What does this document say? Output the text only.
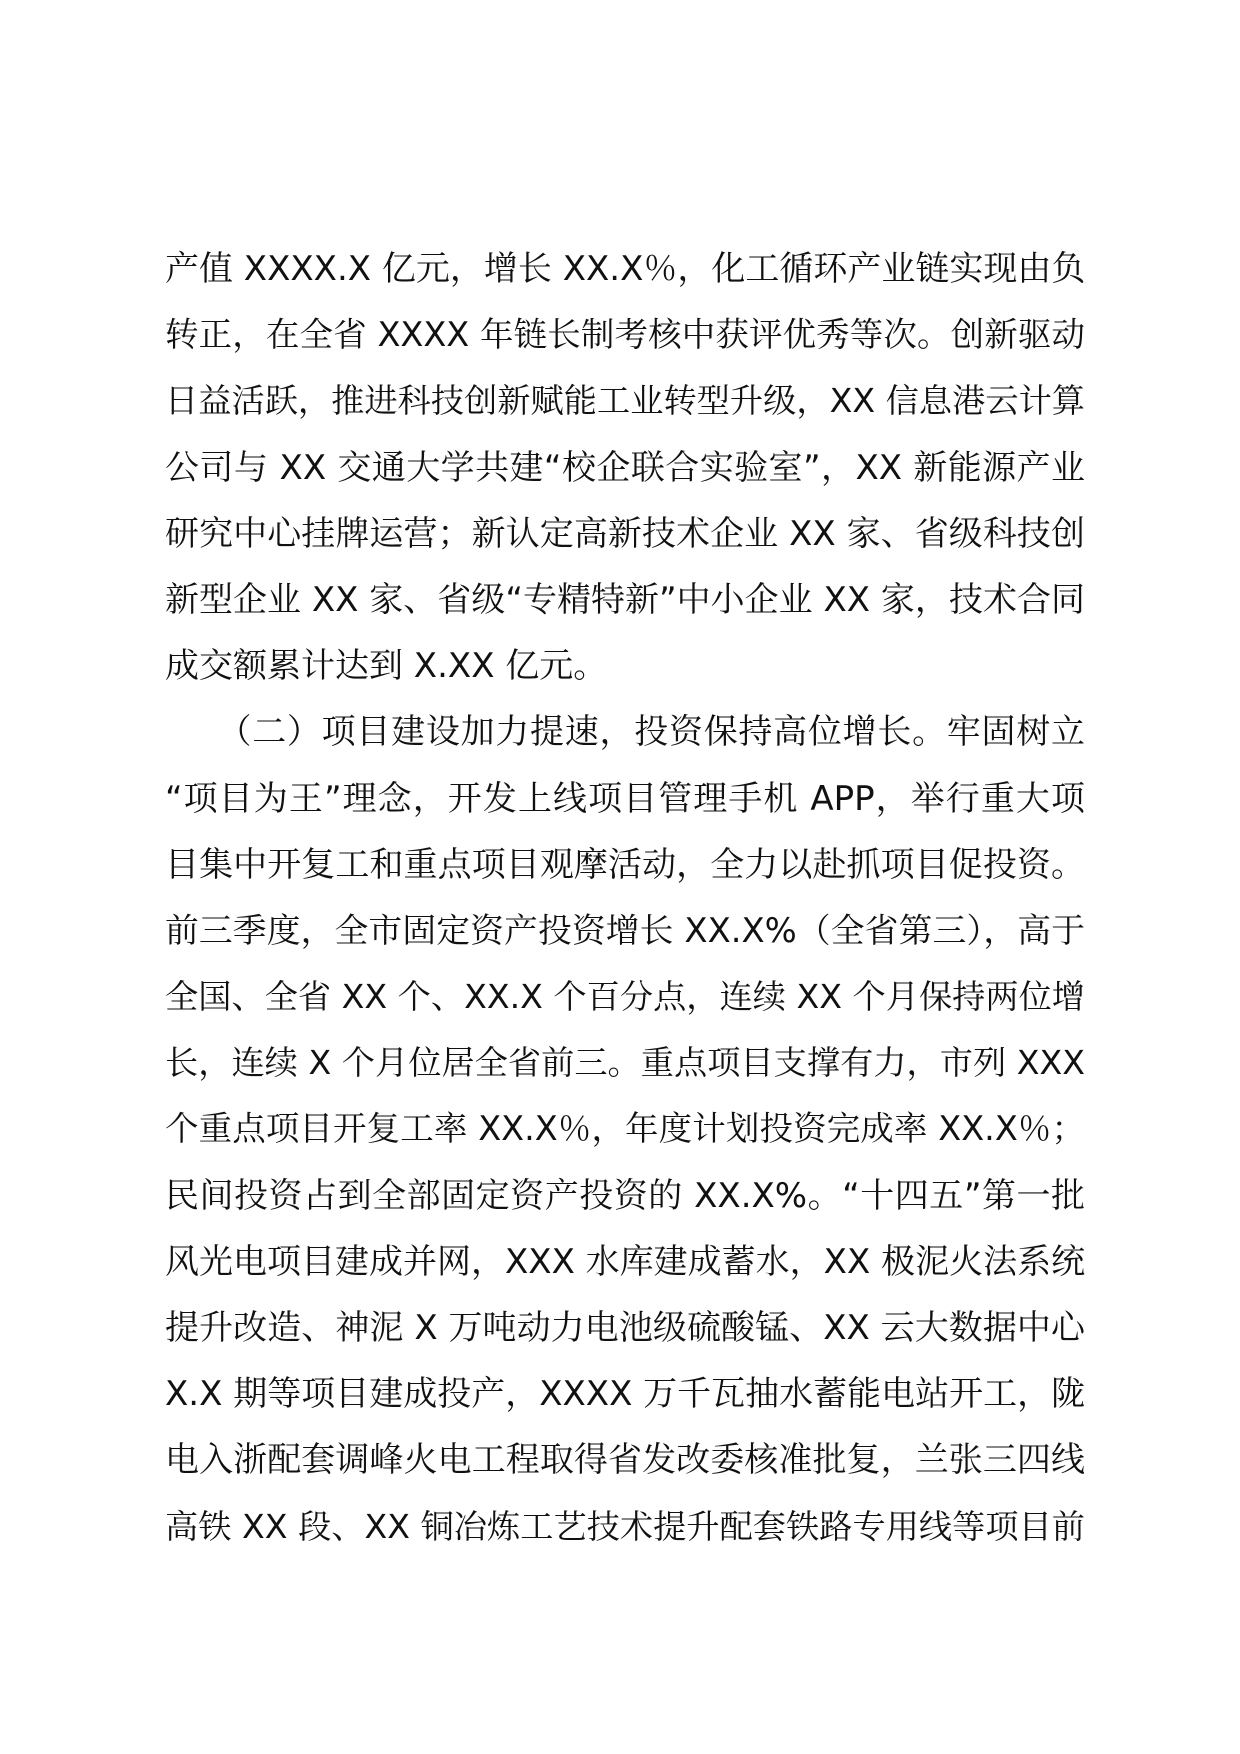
产值 XXXX.X 亿元，增长 XX.X％，化工循环产业链实现由负
转正，在全省 XXXX 年链长制考核中获评优秀等次。创新驱动
日益活跃，推进科技创新赋能工业转型升级，XX 信息港云计算
公司与 XX 交通大学共建“校企联合实验室”，XX 新能源产业
研究中心挂牌运营；新认定高新技术企业 XX 家、省级科技创
新型企业 XX 家、省级“专精特新”中小企业 XX 家，技术合同
成交额累计达到 X.XX 亿元。
　　（二）项目建设加力提速，投资保持高位增长。牢固树立
“项目为王”理念，开发上线项目管理手机 APP，举行重大项
目集中开复工和重点项目观摩活动，全力以赴抓项目促投资。
前三季度，全市固定资产投资增长 XX.X%（全省第三），高于
全国、全省 XX 个、XX.X 个百分点，连续 XX 个月保持两位增
长，连续 X 个月位居全省前三。重点项目支撑有力，市列 XXX
个重点项目开复工率 XX.X％，年度计划投资完成率 XX.X％；
民间投资占到全部固定资产投资的 XX.X%。“十四五”第一批
风光电项目建成并网，XXX 水库建成蓄水，XX 极泥火法系统
提升改造、神泥 X 万吨动力电池级硫酸锰、XX 云大数据中心
X.X 期等项目建成投产，XXXX 万千瓦抽水蓄能电站开工，陇
电入浙配套调峰火电工程取得省发改委核准批复，兰张三四线
高铁 XX 段、XX 铜冶炼工艺技术提升配套铁路专用线等项目前
